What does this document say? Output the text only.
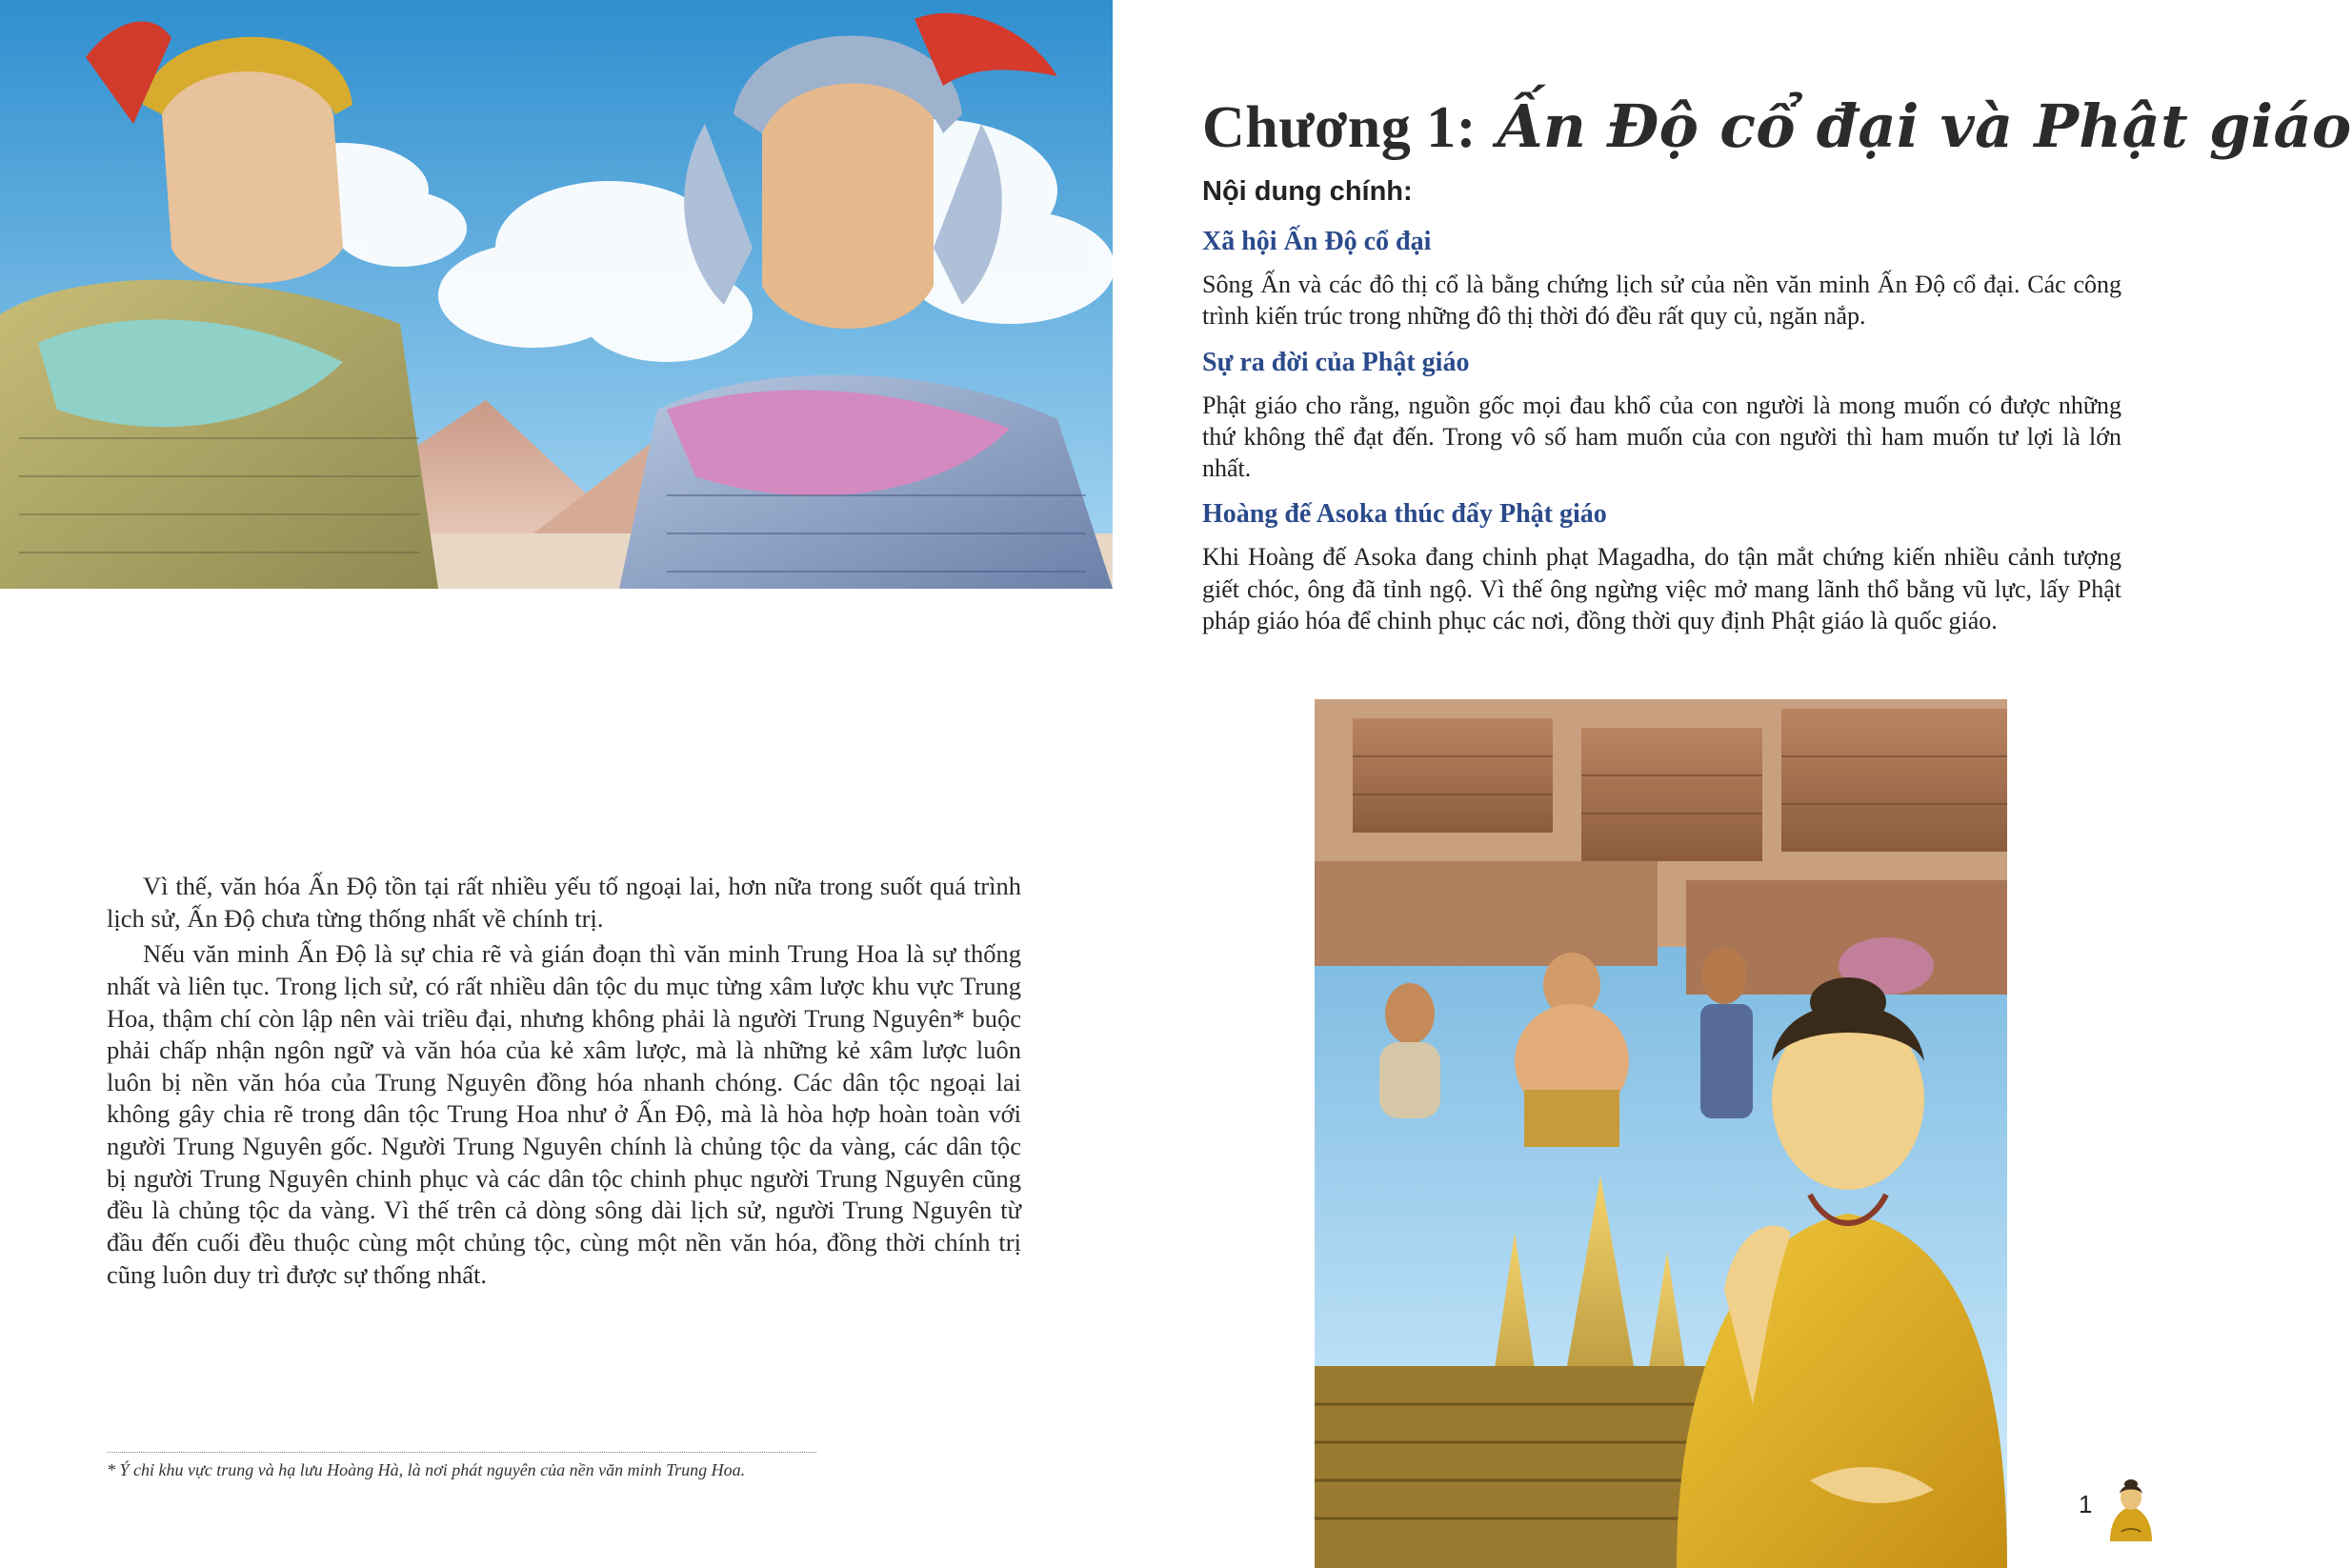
Chương 1: Ấn Độ cổ đại và Phật giáo
Nội dung chính:
Xã hội Ấn Độ cổ đại

Sông Ấn và các đô thị cổ là bằng chứng lịch sử của nền văn minh Ấn Độ cổ đại. Các công trình kiến trúc trong những đô thị thời đó đều rất quy củ, ngăn nắp.

Sự ra đời của Phật giáo

Phật giáo cho rằng, nguồn gốc mọi đau khổ của con người là mong muốn có được những thứ không thể đạt đến. Trong vô số ham muốn của con người thì ham muốn tư lợi là lớn nhất.

Hoàng đế Asoka thúc đẩy Phật giáo

Khi Hoàng đế Asoka đang chinh phạt Magadha, do tận mắt chứng kiến nhiều cảnh tượng giết chóc, ông đã tỉnh ngộ. Vì thế ông ngừng việc mở mang lãnh thổ bằng vũ lực, lấy Phật pháp giáo hóa để chinh phục các nơi, đồng thời quy định Phật giáo là quốc giáo.

Vì thế, văn hóa Ấn Độ tồn tại rất nhiều yếu tố ngoại lai, hơn nữa trong suốt quá trình lịch sử, Ấn Độ chưa từng thống nhất về chính trị.

Nếu văn minh Ấn Độ là sự chia rẽ và gián đoạn thì văn minh Trung Hoa là sự thống nhất và liên tục. Trong lịch sử, có rất nhiều dân tộc du mục từng xâm lược khu vực Trung Hoa, thậm chí còn lập nên vài triều đại, nhưng không phải là người Trung Nguyên* buộc phải chấp nhận ngôn ngữ và văn hóa của kẻ xâm lược, mà là những kẻ xâm lược luôn luôn bị nền văn hóa của Trung Nguyên đồng hóa nhanh chóng. Các dân tộc ngoại lai không gây chia rẽ trong dân tộc Trung Hoa như ở Ấn Độ, mà là hòa hợp hoàn toàn với người Trung Nguyên gốc. Người Trung Nguyên chính là chủng tộc da vàng, các dân tộc bị người Trung Nguyên chinh phục và các dân tộc chinh phục người Trung Nguyên cũng đều là chủng tộc da vàng. Vì thế trên cả dòng sông dài lịch sử, người Trung Nguyên từ đầu đến cuối đều thuộc cùng một chủng tộc, cùng một nền văn hóa, đồng thời chính trị cũng luôn duy trì được sự thống nhất.

* Ý chỉ khu vực trung và hạ lưu Hoàng Hà, là nơi phát nguyên của nền văn minh Trung Hoa.
1
